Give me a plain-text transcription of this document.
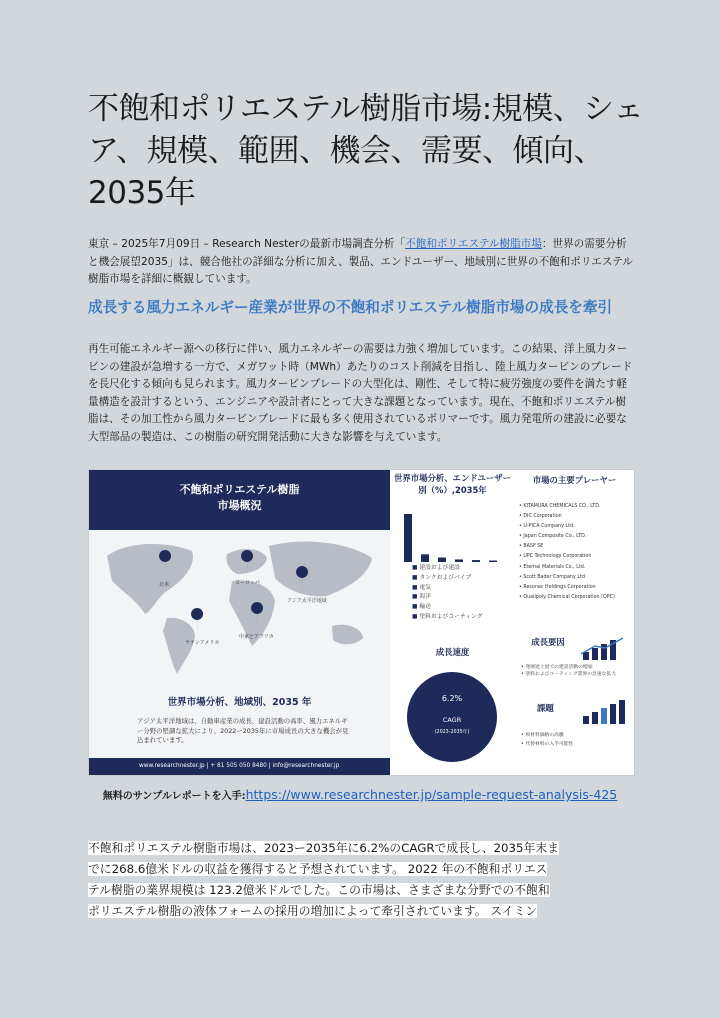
不飽和ポリエステル樹脂市場:規模、シェア、規模、範囲、機会、需要、傾向、2035年

東京 – 2025年7月09日 – Research Nesterの最新市場調査分析「不飽和ポリエステル樹脂市場：世界の需要分析と機会展望2035」は、競合他社の詳細な分析に加え、製品、エンドユーザー、地域別に世界の不飽和ポリエステル樹脂市場を詳細に概観しています。

成長する風力エネルギー産業が世界の不飽和ポリエステル樹脂市場の成長を牽引

再生可能エネルギー源への移行に伴い、風力エネルギーの需要は力強く増加しています。この結果、洋上風力タービンの建設が急増する一方で、メガワット時（MWh）あたりのコスト削減を目指し、陸上風力タービンのブレードを長尺化する傾向も見られます。風力タービンブレードの大型化は、剛性、そして特に疲労強度の要件を満たす軽量構造を設計するという、エンジニアや設計者にとって大きな課題となっています。現在、不飽和ポリエステル樹脂は、その加工性から風力タービンブレードに最も多く使用されているポリマーです。風力発電所の建設に必要な大型部品の製造は、この樹脂の研究開発活動に大きな影響を与えています。

不飽和ポリエステル樹脂
市場概況
北米	ヨーロッパ
アジア太平洋地域
中東とアフリカ
ラテンアメリカ
世界市場分析、地域別、2035 年
アジア太平洋地域は、自動車産業の成長、建設活動の高率、風力エネルギー分野の堅調な拡大により、2022ー2035年に市場成長の大きな機会が見込まれています。
www.researchnester.jp | + 81 505 050 8480 | info@researchnester.jp
世界市場分析、エンドユーザー別（%）,2035年
■ 建設および建設
■ タンクおよびパイプ
■ 電気
■ 海洋
■ 輸送
■ 塗料およびコーティング
市場の主要プレーヤー
• KITAMURA CHEMICALS CO., LTD.
• DIC Corporation
• U-PICA Company Ltd.
• Japan Composite Co., LTD.
• BASF SE
• UPC Technology Corporation
• Eternal Materials Co., Ltd.
• Scott Bader Company Ltd
• Resonac Holdings Corporation
• Qualipoly Chemical Corporation (QPC)
成長速度
6.2%
CAGR
(2023-2035年)
成長要因
• 発展途上国での建設活動の増加
• 塗料およびコーティング業界の急速な拡大
課題
• 原材料価格の高騰
• 代替材料の入手可能性
無料のサンプルレポートを入手:https://www.researchnester.jp/sample-request-analysis-425

不飽和ポリエステル樹脂市場は、2023ー2035年に6.2%のCAGRで成長し、2035年末ま
でに268.6億米ドルの収益を獲得すると予想されています。 2022 年の不飽和ポリエス
テル樹脂の業界規模は 123.2億米ドルでした。この市場は、さまざまな分野での不飽和
ポリエステル樹脂の液体フォームの採用の増加によって牽引されています。 スイミン
